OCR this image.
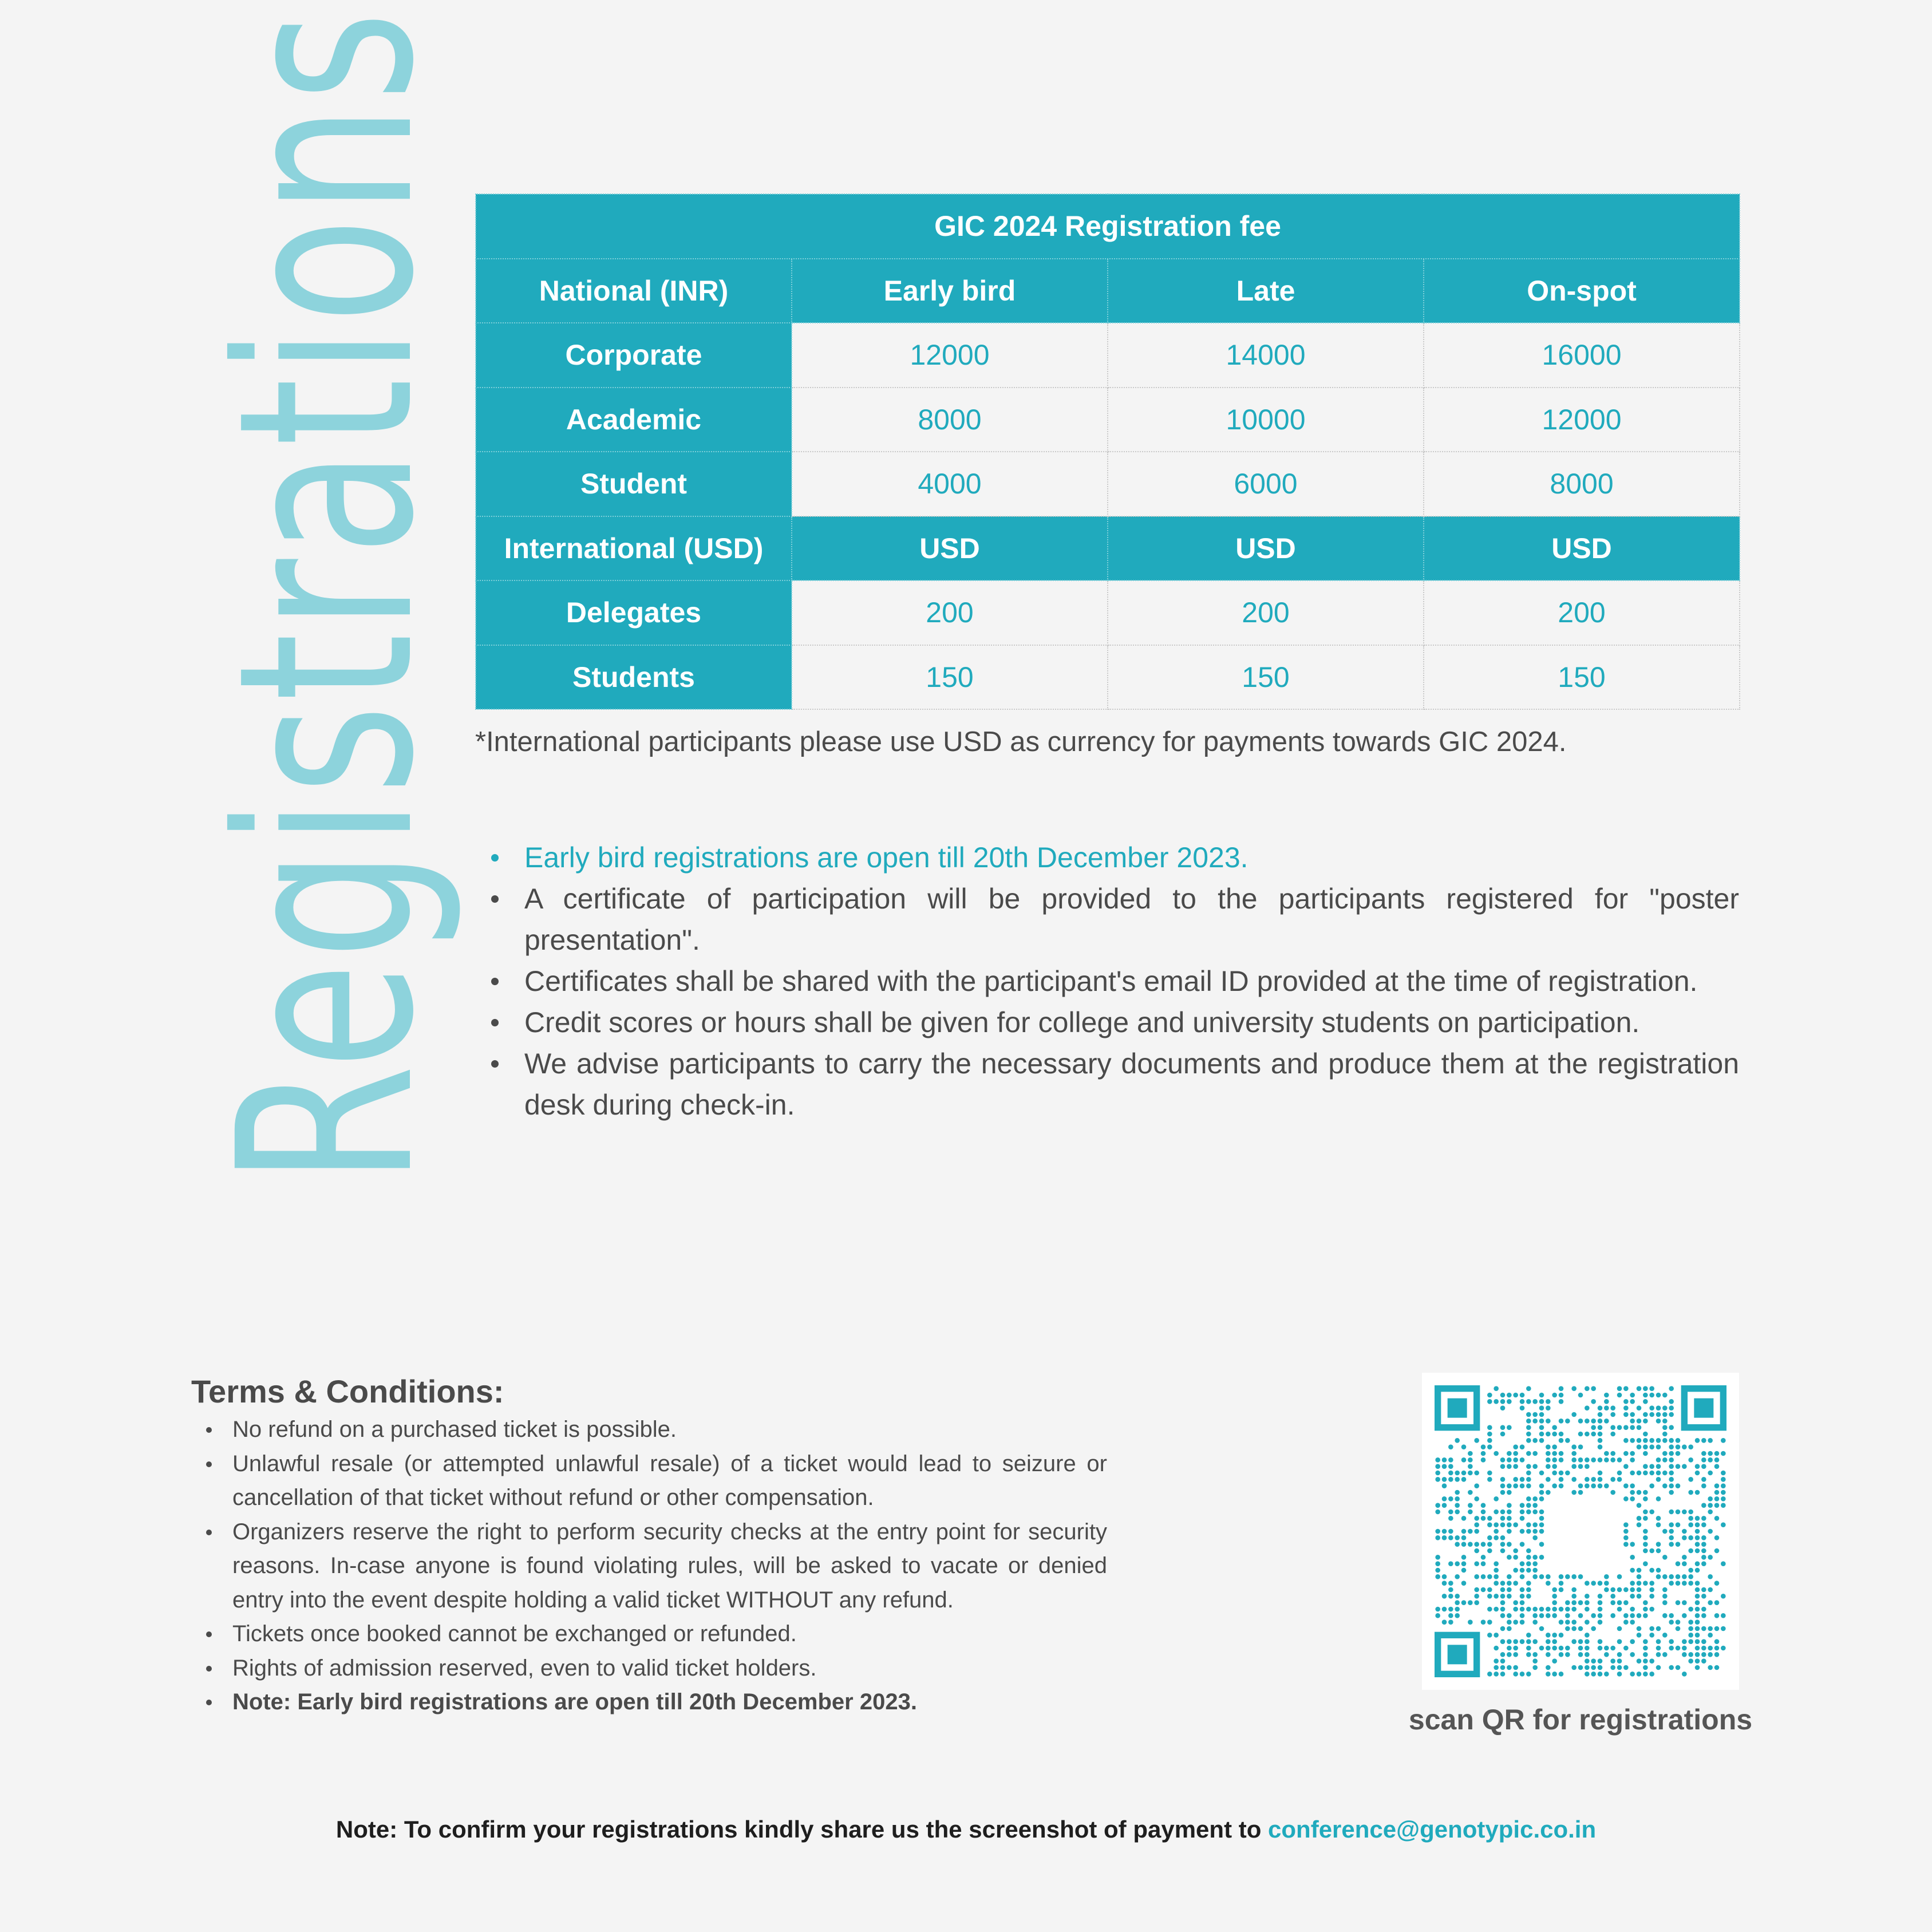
Registrations	GIC 2024 Registration fee			
National (INR)	Early bird	Late	On-spot
Corporate	12000	14000	16000
Academic	8000	10000	12000
Student	4000	6000	8000
International (USD)	USD	USD	USD
Delegates	200	200	200
Students	150	150	150
*International participants please use USD as currency for payments towards GIC 2024.
Early bird registrations are open till 20th December 2023.
A certificate of participation will be provided to the participants registered for "poster presentation".
Certificates shall be shared with the participant's email ID provided at the time of registration.
Credit scores or hours shall be given for college and university students on participation.
We advise participants to carry the necessary documents and produce them at the registration desk during check-in.
Terms & Conditions:
No refund on a purchased ticket is possible.
Unlawful resale (or attempted unlawful resale) of a ticket would lead to seizure or cancellation of that ticket without refund or other compensation.
Organizers reserve the right to perform security checks at the entry point for security reasons. In-case anyone is found violating rules, will be asked to vacate or denied entry into the event despite holding a valid ticket WITHOUT any refund.
Tickets once booked cannot be exchanged or refunded.
Rights of admission reserved, even to valid ticket holders.
Note: Early bird registrations are open till 20th December 2023.
scan QR for registrations
Note: To confirm your registrations kindly share us the screenshot of payment to conference@genotypic.co.in
